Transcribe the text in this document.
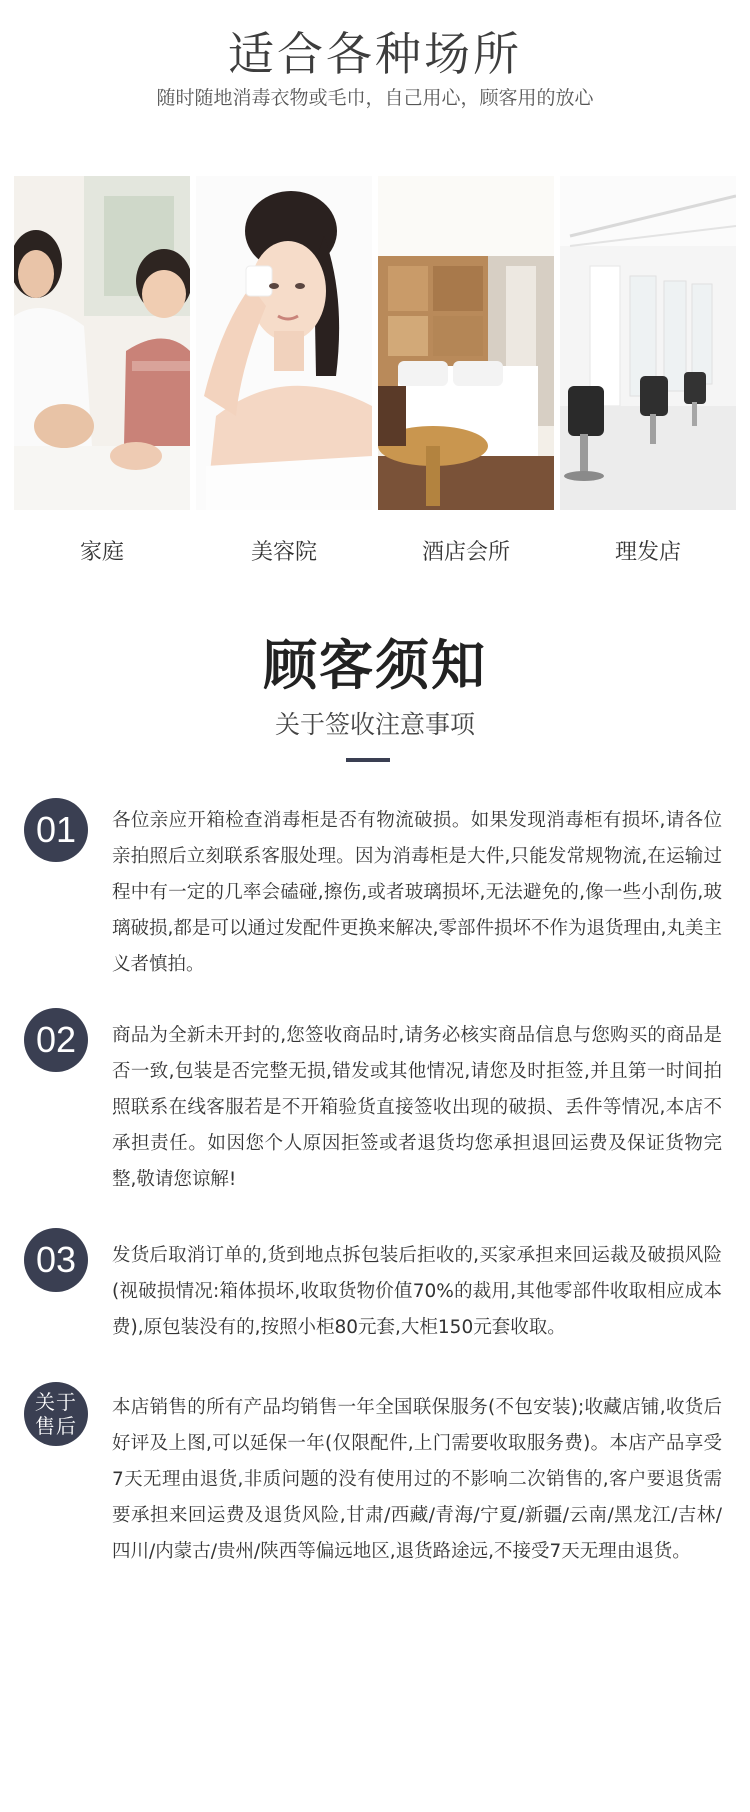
适合各种场所
随时随地消毒衣物或毛巾，自己用心，顾客用的放心
家庭	美容院	酒店会所	理发店
顾客须知
关于签收注意事项
01	各位亲应开箱检查消毒柜是否有物流破损。如果发现消毒柜有损坏,请各位亲拍照后立刻联系客服处理。因为消毒柜是大件,只能发常规物流,在运输过程中有一定的几率会磕碰,擦伤,或者玻璃损坏,无法避免的,像一些小刮伤,玻璃破损,都是可以通过发配件更换来解决,零部件损坏不作为退货理由,丸美主义者慎拍。

02	商品为全新未开封的,您签收商品时,请务必核实商品信息与您购买的商品是否一致,包装是否完整无损,错发或其他情况,请您及时拒签,并且第一时间拍照联系在线客服若是不开箱验货直接签收出现的破损、丢件等情况,本店不承担责任。如因您个人原因拒签或者退货均您承担退回运费及保证货物完整,敬请您谅解!

03	发货后取消订单的,货到地点拆包装后拒收的,买家承担来回运裁及破损风险(视破损情况:箱体损坏,收取货物价值70%的裁用,其他零部件收取相应成本费),原包装没有的,按照小柜80元套,大柜150元套收取。

关于
售后

本店销售的所有产品均销售一年全国联保服务(不包安装);收藏店铺,收货后好评及上图,可以延保一年(仅限配件,上门需要收取服务费)。本店产品享受7天无理由退货,非质问题的没有使用过的不影响二次销售的,客户要退货需要承担来回运费及退货风险,甘肃/西藏/青海/宁夏/新疆/云南/黑龙江/吉林/四川/内蒙古/贵州/陕西等偏远地区,退货路途远,不接受7天无理由退货。
